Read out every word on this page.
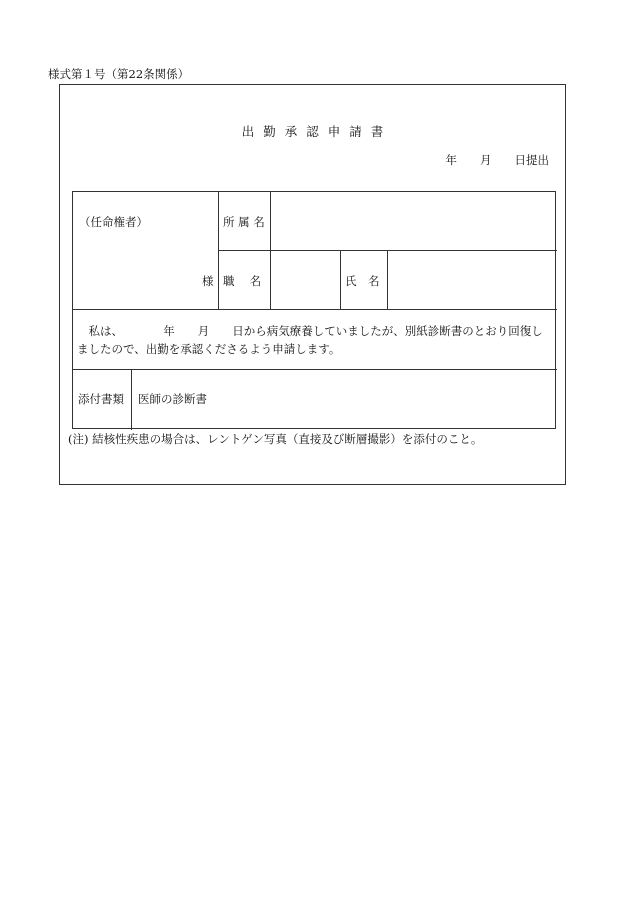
様式第１号（第22条関係）
出勤承認申請書
年　　月　　日提出
（任命権者）
様
所 属 名
職　 名	氏　名
　私は、　　　　年　　月　　日から病気療養していましたが、別紙診断書のとおり回復しましたので、出勤を承認くださるよう申請します。
添付書類 医師の診断書
(注) 結核性疾患の場合は、レントゲン写真（直接及び断層撮影）を添付のこと。
